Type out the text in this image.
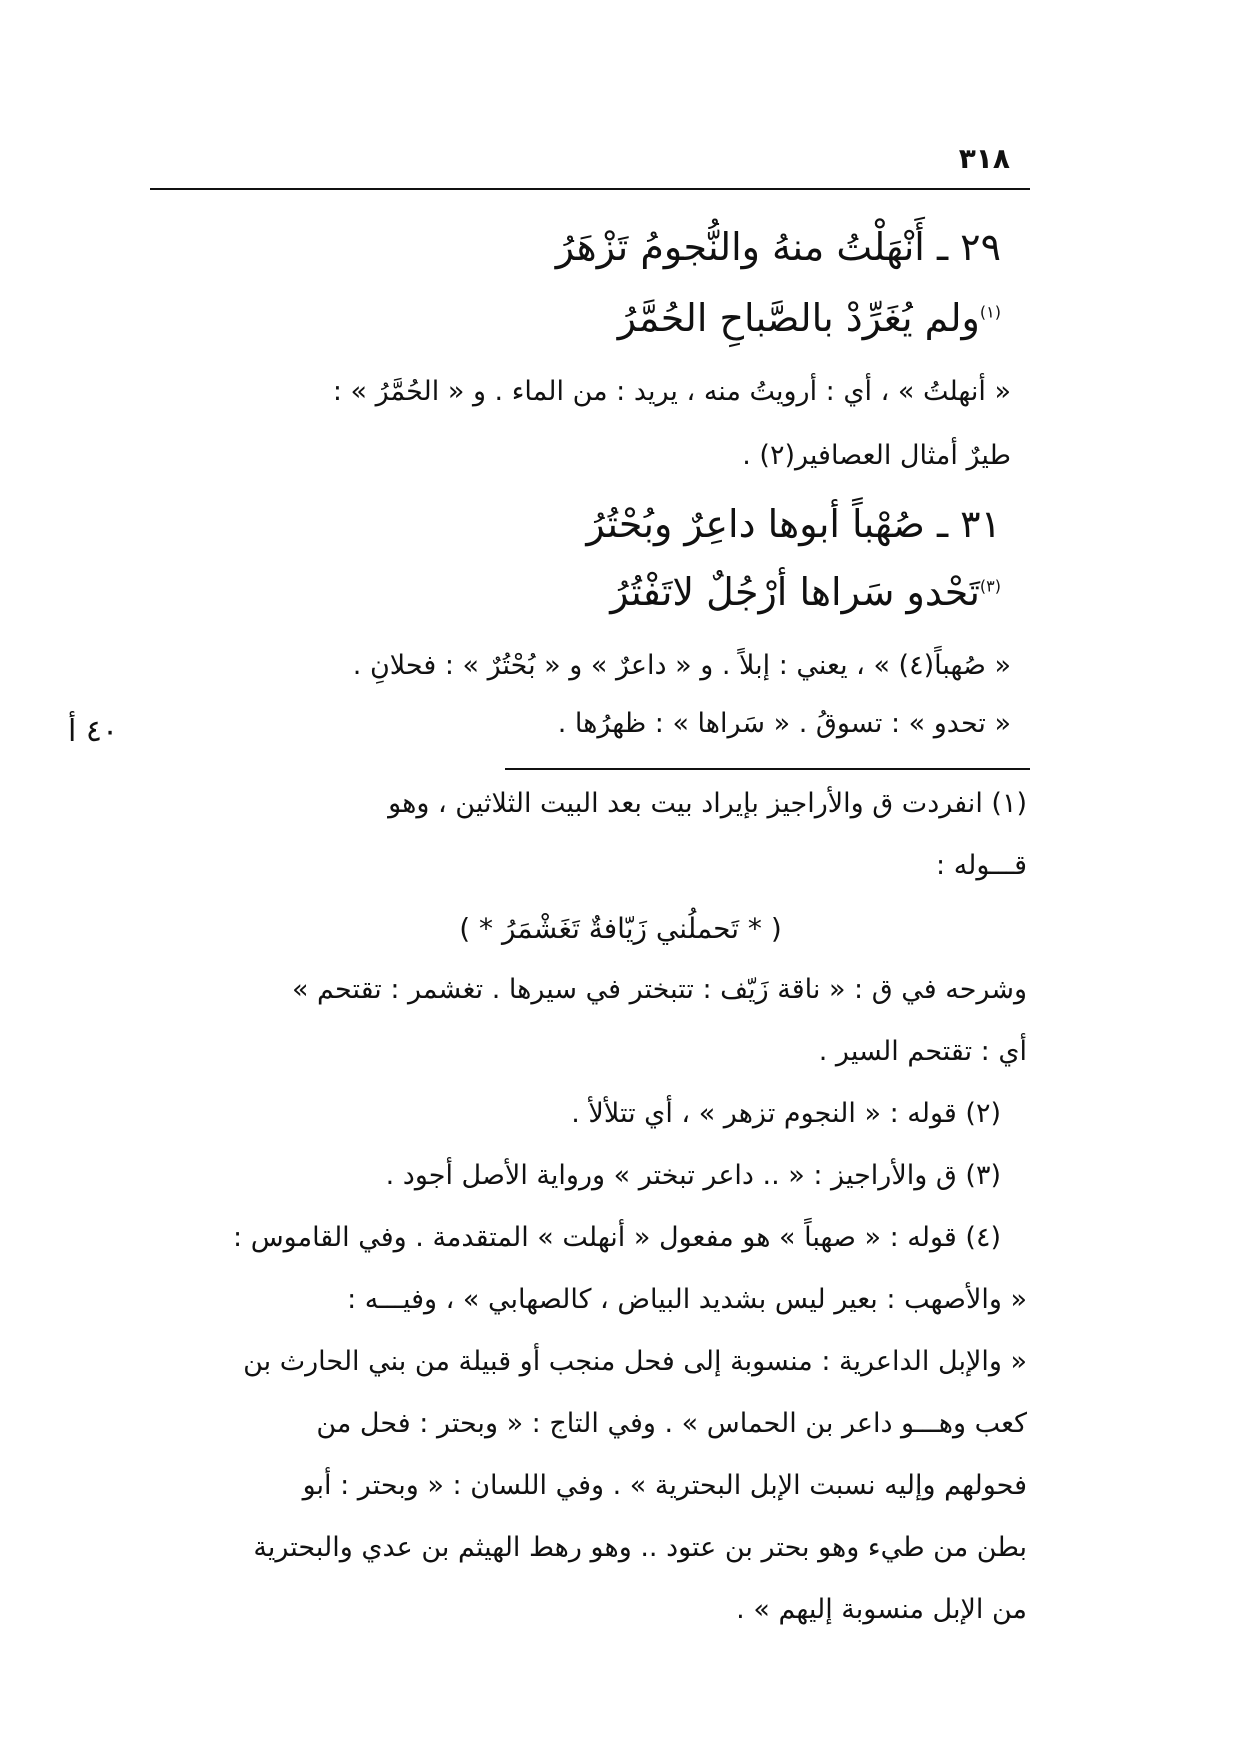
٣١٨
٢٩ ـ أَنْهَلْتُ منهُ والنُّجومُ تَزْهَرُ
$^{(١)}$ولم يُغَرِّدْ بالصَّباحِ الحُمَّرُ
« أنهلتُ » ، أي : أرويتُ منه ، يريد : من الماء . و « الحُمَّرُ » :
طيرٌ أمثال العصافير(٢) .
٣١ ـ صُهْباً أبوها داعِرٌ وبُحْتُرُ
$^{(٣)}$تَحْدو سَراها أرْجُلٌ لاتَفْتُرُ
« صُهباً(٤) » ، يعني : إبلاً . و « داعرٌ » و « بُحْتُرٌ » : فحلانِ .
« تحدو » : تسوقُ . « سَراها » : ظهرُها .
٤٠ أ
(١) انفردت ق والأراجيز بإيراد بيت بعد البيت الثلاثين ، وهو
قـــوله :
( * تَحملُني زَيّافةٌ تَغَشْمَرُ * )
وشرحه في ق : « ناقة زَيّف : تتبختر في سيرها . تغشمر : تقتحم »
أي : تقتحم السير .
(٢) قوله : « النجوم تزهر » ، أي تتلألأ .
(٣) ق والأراجيز : « .. داعر تبختر » ورواية الأصل أجود .
(٤) قوله : « صهباً » هو مفعول « أنهلت » المتقدمة . وفي القاموس :
« والأصهب : بعير ليس بشديد البياض ، كالصهابي » ، وفيـــه :
« والإبل الداعرية : منسوبة إلى فحل منجب أو قبيلة من بني الحارث بن
كعب وهـــو داعر بن الحماس » . وفي التاج : « وبحتر : فحل من
فحولهم وإليه نسبت الإبل البحترية » . وفي اللسان : « وبحتر : أبو
بطن من طيء وهو بحتر بن عتود .. وهو رهط الهيثم بن عدي والبحترية
من الإبل منسوبة إليهم » .
